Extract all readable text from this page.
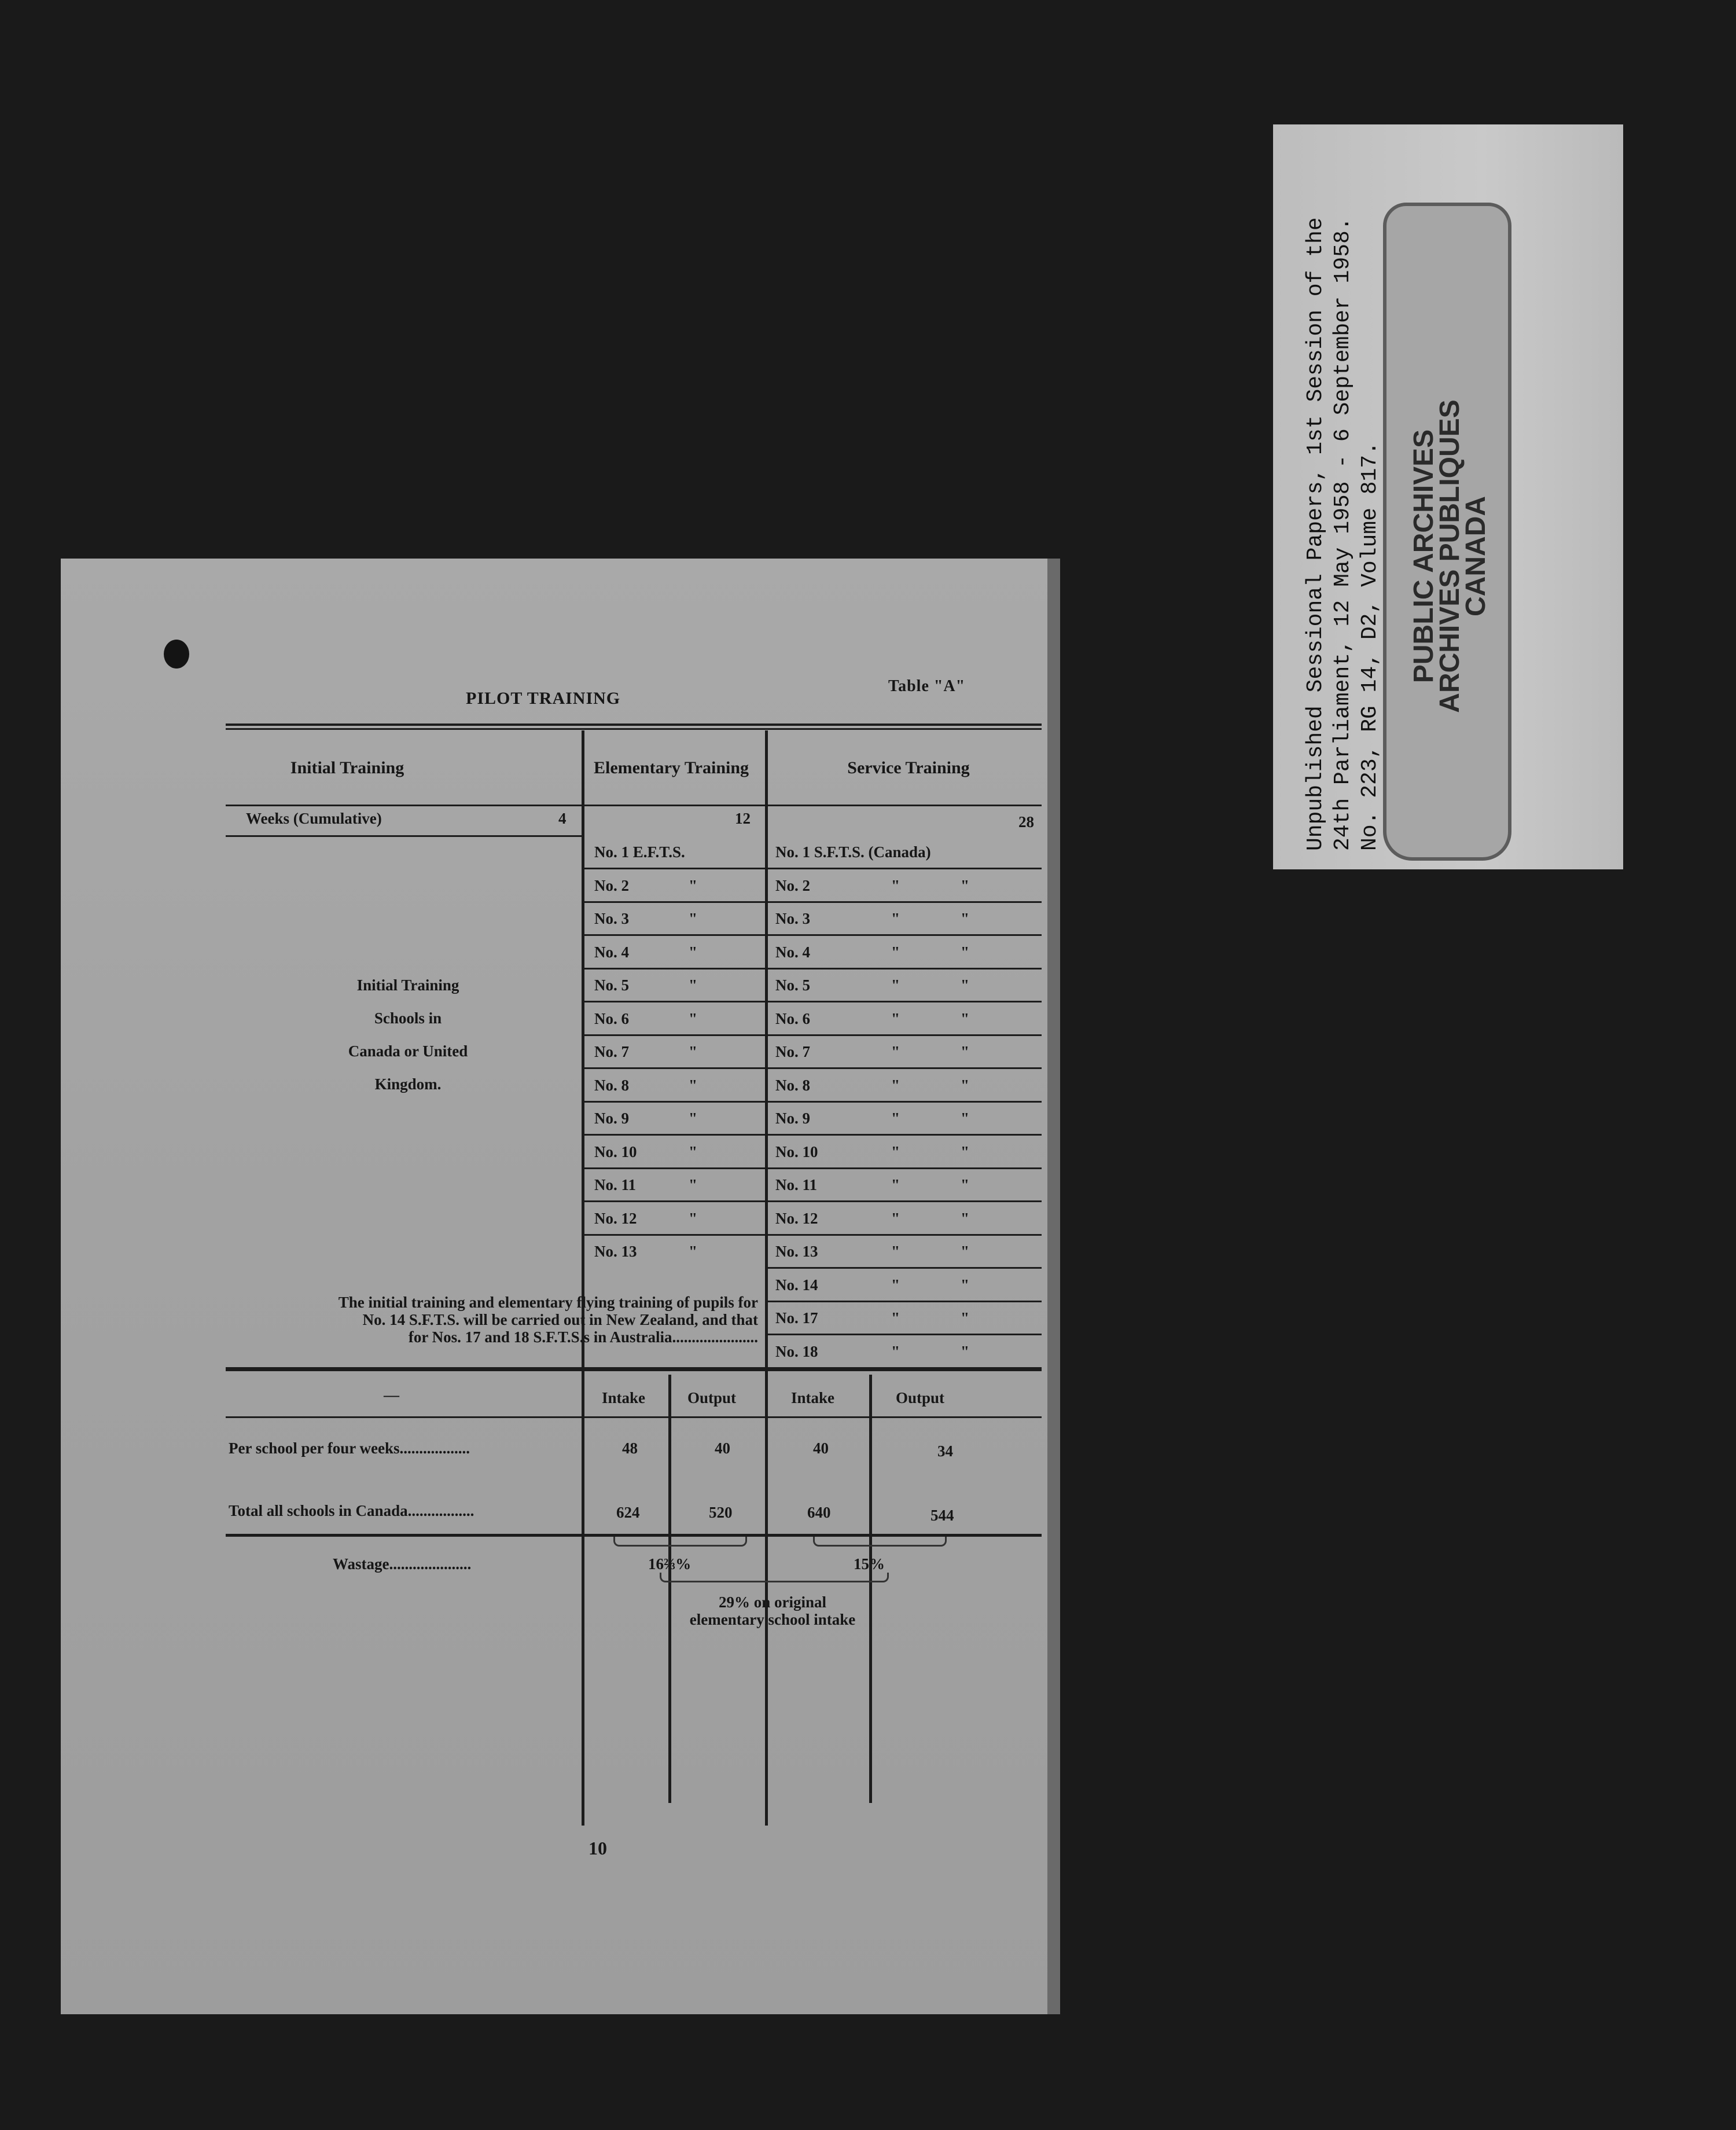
PILOT TRAINING
Table "A"
Initial Training	Elementary Training	Service Training
Weeks (Cumulative)	4	12	28
Initial Training
Schools in
Canada or United
Kingdom.
No. 1 E.F.T.S.	No. 1 S.F.T.S. (Canada)
No. 2	"	No. 2	"	"
No. 3	"	No. 3	"	"
No. 4	"	No. 4	"	"
No. 5	"	No. 5	"	"
No. 6	"	No. 6	"	"
No. 7	"	No. 7	"	"
No. 8	"	No. 8	"	"
No. 9	"	No. 9	"	"
No. 10	"	No. 10	"	"
No. 11	"	No. 11	"	"
No. 12	"	No. 12	"	"
No. 13	"	No. 13	"	"
No. 14	"	"
No. 17	"	"
No. 18	"	"
The initial training and elementary flying training of pupils for
No. 14 S.F.T.S. will be carried out in New Zealand, and that
for Nos. 17 and 18 S.F.T.S.s in Australia......................
—	Intake	Output	Intake	Output
Per school per four weeks..................	48	40	40	34
Total all schools in Canada.................	624	520	640	544
Wastage.....................	16⅔%	15%
29% on original
elementary school intake
10
Unpublished Sessional Papers, 1st Session of the 24th Parliament, 12 May 1958 - 6 September 1958. No. 223, RG 14, D2, Volume 817. PUBLIC ARCHIVES
ARCHIVES PUBLIQUES
CANADA
